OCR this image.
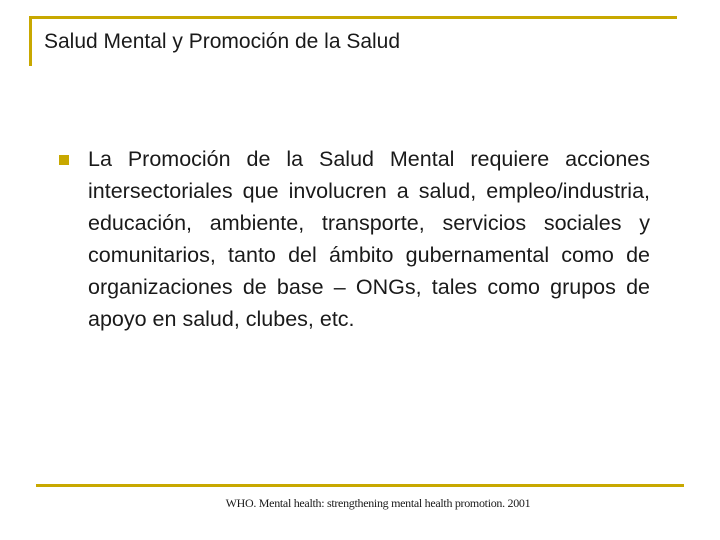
Salud Mental y Promoción de la Salud
La Promoción de la Salud Mental requiere acciones intersectoriales que involucren a salud, empleo/industria, educación, ambiente, transporte, servicios sociales y comunitarios, tanto del ámbito gubernamental como de organizaciones de base – ONGs, tales como grupos de apoyo en salud, clubes, etc.
WHO. Mental health: strengthening mental health promotion. 2001
